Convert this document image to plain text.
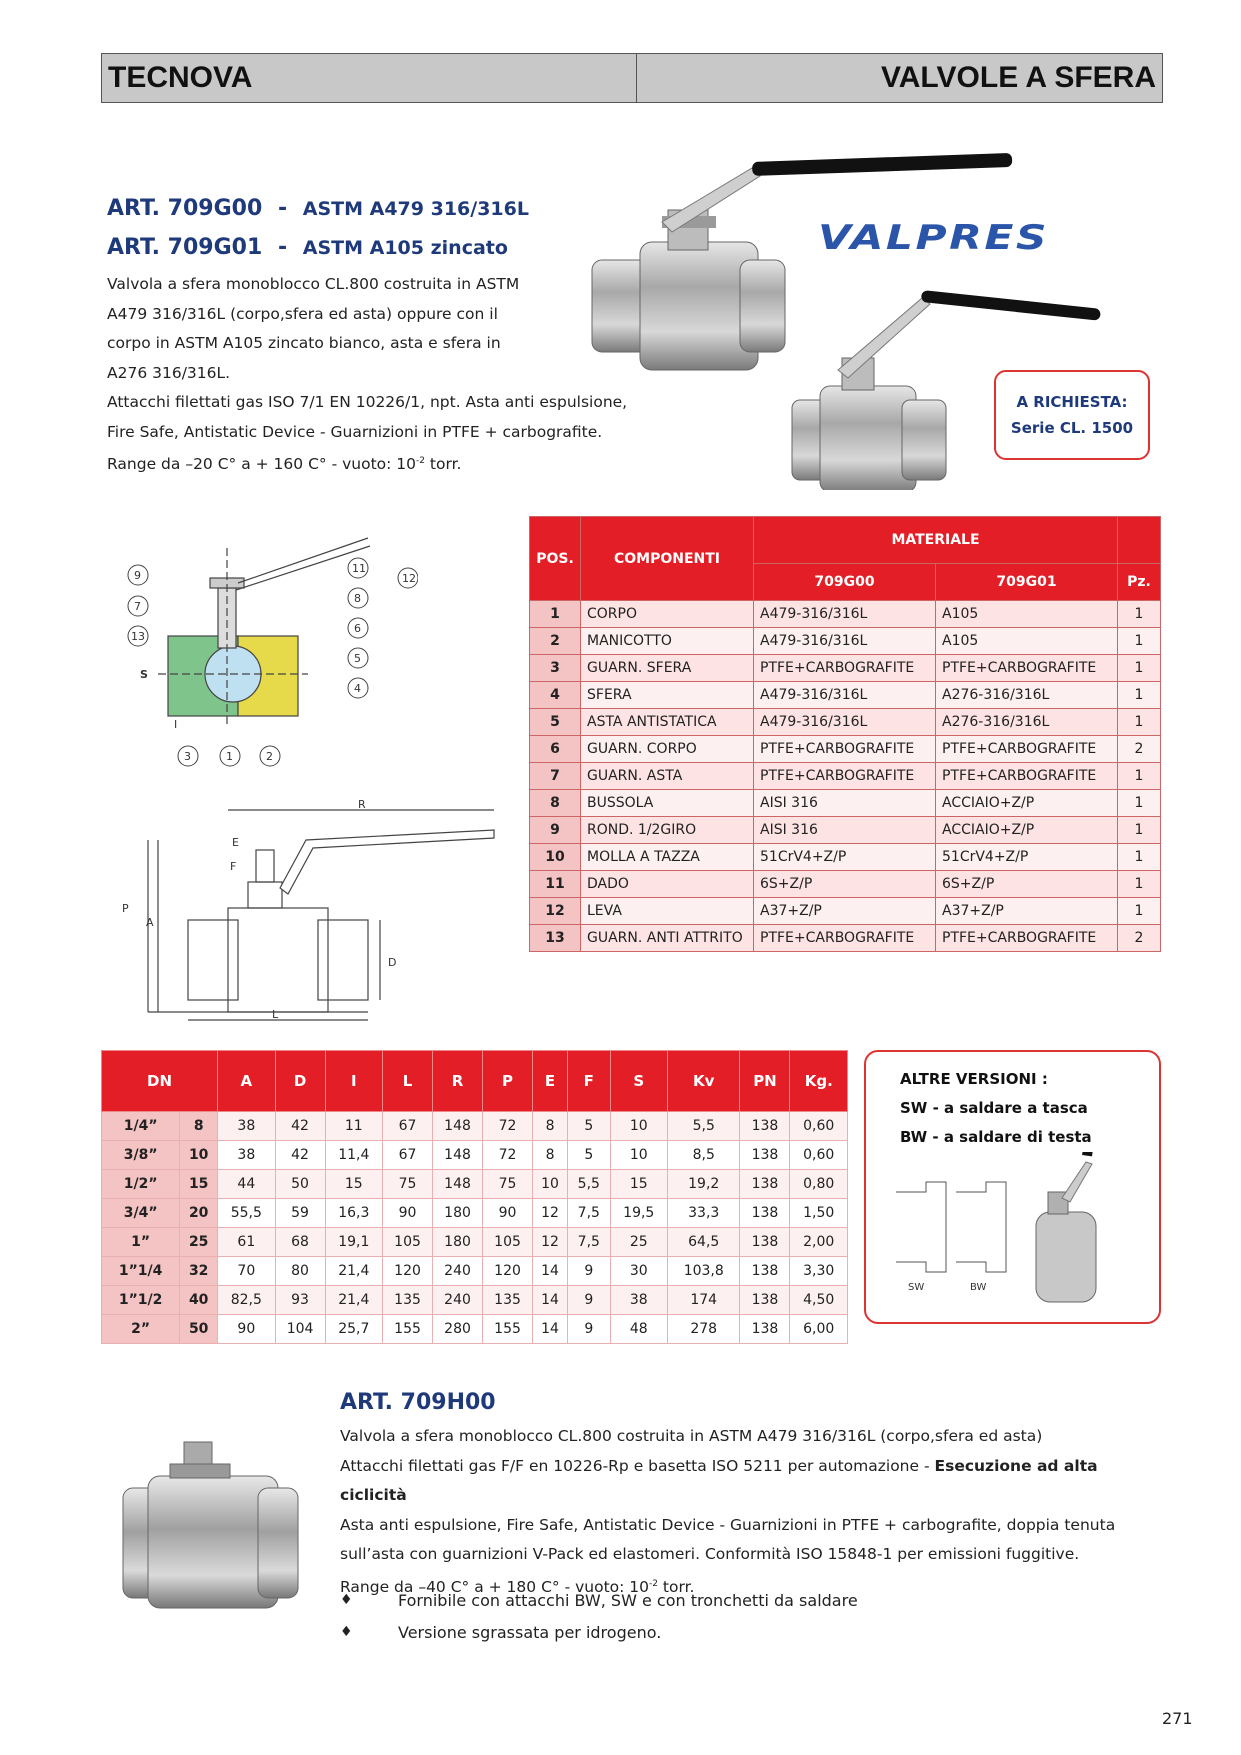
TECNOVA	VALVOLE A SFERA
ART. 709G00 - ASTM A479 316/316L
ART. 709G01 - ASTM A105 zincato
Valvola a sfera monoblocco CL.800 costruita in ASTM
A479 316/316L (corpo,sfera ed asta) oppure con il
corpo in ASTM A105 zincato bianco, asta e sfera in
A276 316/316L.
Attacchi filettati gas ISO 7/1 EN 10226/1, npt. Asta anti espulsione,
Fire Safe, Antistatic Device - Guarnizioni in PTFE + carbografite.
Range da –20 C° a + 160 C° - vuoto: $10^{-2}$ torr.
VALPRES
A RICHIESTA:
Serie CL. 1500
9
7
13
11
12
8
6
5
4
3	1	2
S
I
R
E
F
P
A
D
L
POS.	COMPONENTI	MATERIALE		
		709G00	709G01	Pz.
1	CORPO	A479-316/316L	A105	1
2	MANICOTTO	A479-316/316L	A105	1
3	GUARN. SFERA	PTFE+CARBOGRAFITE	PTFE+CARBOGRAFITE	1
4	SFERA	A479-316/316L	A276-316/316L	1
5	ASTA ANTISTATICA	A479-316/316L	A276-316/316L	1
6	GUARN. CORPO	PTFE+CARBOGRAFITE	PTFE+CARBOGRAFITE	2
7	GUARN. ASTA	PTFE+CARBOGRAFITE	PTFE+CARBOGRAFITE	1
8	BUSSOLA	AISI 316	ACCIAIO+Z/P	1
9	ROND. 1/2GIRO	AISI 316	ACCIAIO+Z/P	1
10	MOLLA A TAZZA	51CrV4+Z/P	51CrV4+Z/P	1
11	DADO	6S+Z/P	6S+Z/P	1
12	LEVA	A37+Z/P	A37+Z/P	1
13	GUARN. ANTI ATTRITO	PTFE+CARBOGRAFITE	PTFE+CARBOGRAFITE	2
DN		A	D	I	L	R	P	E	F	S	Kv	PN	Kg.
1/4”	8	38	42	11	67	148	72	8	5	10	5,5	138	0,60
3/8”	10	38	42	11,4	67	148	72	8	5	10	8,5	138	0,60
1/2”	15	44	50	15	75	148	75	10	5,5	15	19,2	138	0,80
3/4”	20	55,5	59	16,3	90	180	90	12	7,5	19,5	33,3	138	1,50
1”	25	61	68	19,1	105	180	105	12	7,5	25	64,5	138	2,00
1”1/4	32	70	80	21,4	120	240	120	14	9	30	103,8	138	3,30
1”1/2	40	82,5	93	21,4	135	240	135	14	9	38	174	138	4,50
2”	50	90	104	25,7	155	280	155	14	9	48	278	138	6,00
ALTRE VERSIONI :
SW - a saldare a tasca
BW - a saldare di testa
SW	BW
ART. 709H00
Valvola a sfera monoblocco CL.800 costruita in ASTM A479 316/316L (corpo,sfera ed asta)
Attacchi filettati gas F/F en 10226-Rp e basetta ISO 5211 per automazione - Esecuzione ad alta ciclicità
Asta anti espulsione, Fire Safe, Antistatic Device - Guarnizioni in PTFE + carbografite, doppia tenuta
sull’asta con guarnizioni V-Pack ed elastomeri. Conformità ISO 15848-1 per emissioni fuggitive.
Range da –40 C° a + 180 C° - vuoto: $10^{-2}$ torr.
♦	Fornibile con attacchi BW, SW e con tronchetti da saldare
♦	Versione sgrassata per idrogeno.
271
